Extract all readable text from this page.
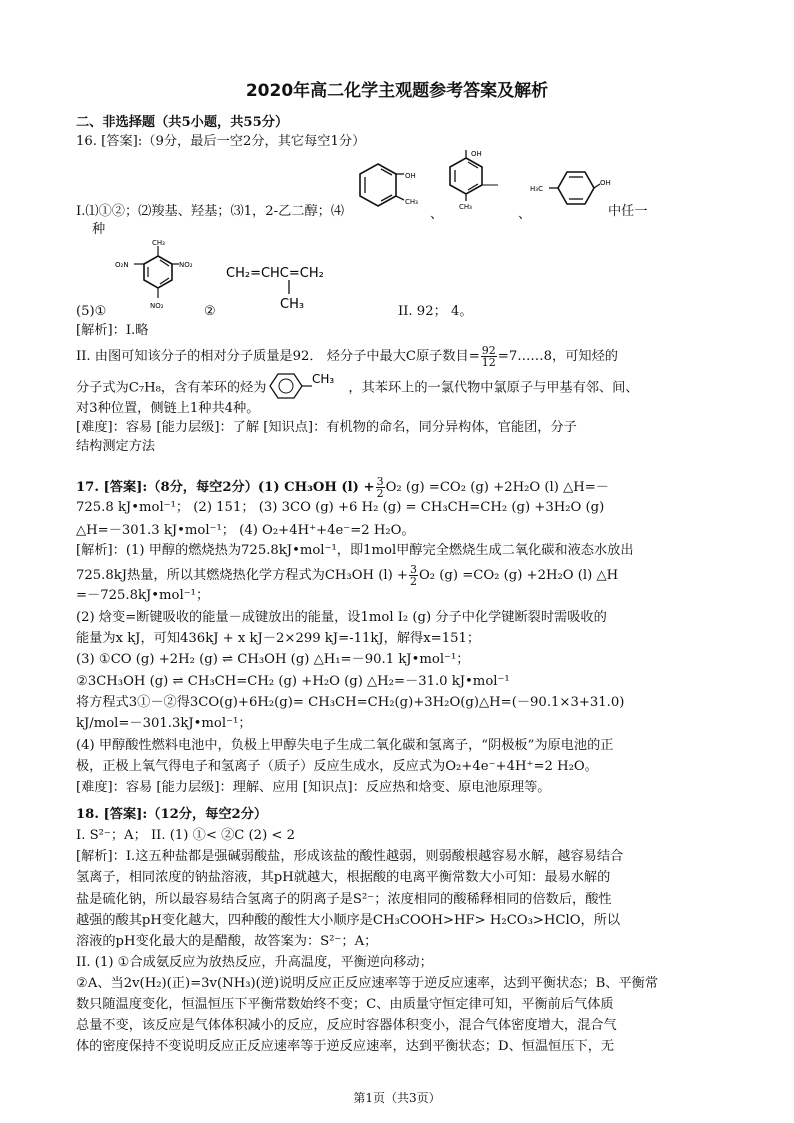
2020年高二化学主观题参考答案及解析
二、非选择题（共5小题，共55分）
16. [答案]:（9分，最后一空2分，其它每空1分）
I.⑴①②；⑵羧基、羟基；⑶1，2-乙二醇；⑷
OH
CH₃
、
OH
CH₃	、
H₃C
OH
中任一
种
CH₃
O₂N	NO₂
NO₂
CH₂=CHC=CH₂
CH₃
(5)①	②	II. 92； 4。
[解析]：I.略
II. 由图可知该分子的相对分子质量是92． 烃分子中最大C原子数目= $\frac{92}{12}$ =7……8，可知烃的
分子式为C₇H₈，含有苯环的烃为
CH₃
，其苯环上的一氯代物中氯原子与甲基有邻、间、
对3种位置，侧链上1种共4种。
[难度]：容易 [能力层级]：了解 [知识点]：有机物的命名，同分异构体，官能团，分子
结构测定方法
17. [答案]:（8分，每空2分）(1) CH₃OH $(l) + \frac{3}{2} O_2$ (g) =CO₂ (g) +2H₂O (l) △H=－
725.8 kJ•mol⁻¹； (2) 151； (3) 3CO (g) +6 H₂ (g) = CH₃CH=CH₂ (g) +3H₂O (g)
△H=－301.3 kJ•mol⁻¹； (4) O₂+4H⁺+4e⁻=2 H₂O。
[解析]：(1) 甲醇的燃烧热为725.8kJ•mol⁻¹，即1mol甲醇完全燃烧生成二氧化碳和液态水放出
725.8kJ热量，所以其燃烧热化学方程式为CH₃OH $(l) + \frac{3}{2} O_2$ (g) =CO₂ (g) +2H₂O (l) △H
=－725.8kJ•mol⁻¹；
(2) 焓变=断键吸收的能量－成键放出的能量，设1mol I₂ (g) 分子中化学键断裂时需吸收的
能量为x kJ，可知436kJ + x kJ－2×299 kJ=-11kJ，解得x=151；
(3) ①CO (g) +2H₂ (g) ⇌ CH₃OH (g) △H₁=－90.1 kJ•mol⁻¹；
②3CH₃OH (g) ⇌ CH₃CH=CH₂ (g) +H₂O (g) △H₂=－31.0 kJ•mol⁻¹
将方程式3①－②得3CO(g)+6H₂(g)= CH₃CH=CH₂(g)+3H₂O(g)△H=(－90.1×3+31.0)
kJ/mol=－301.3kJ•mol⁻¹；
(4) 甲醇酸性燃料电池中，负极上甲醇失电子生成二氧化碳和氢离子，“阴极板”为原电池的正
极，正极上氧气得电子和氢离子（质子）反应生成水，反应式为O₂+4e⁻+4H⁺=2 H₂O。
[难度]：容易 [能力层级]：理解、应用 [知识点]：反应热和焓变、原电池原理等。
18. [答案]:（12分，每空2分）
I. S²⁻；A； II. (1) ①< ②C (2) < 2
[解析]：I.这五种盐都是强碱弱酸盐，形成该盐的酸性越弱，则弱酸根越容易水解，越容易结合
氢离子，相同浓度的钠盐溶液，其pH就越大，根据酸的电离平衡常数大小可知：最易水解的
盐是硫化钠，所以最容易结合氢离子的阴离子是S²⁻；浓度相同的酸稀释相同的倍数后，酸性
越强的酸其pH变化越大，四种酸的酸性大小顺序是CH₃COOH>HF> H₂CO₃>HClO，所以
溶液的pH变化最大的是醋酸，故答案为：S²⁻；A；
II. (1) ①合成氨反应为放热反应，升高温度，平衡逆向移动；
②A、当2v(H₂)(正)=3v(NH₃)(逆)说明反应正反应速率等于逆反应速率，达到平衡状态；B、平衡常
数只随温度变化，恒温恒压下平衡常数始终不变；C、由质量守恒定律可知，平衡前后气体质
总量不变，该反应是气体体积减小的反应，反应时容器体积变小，混合气体密度增大，混合气
体的密度保持不变说明反应正反应速率等于逆反应速率，达到平衡状态；D、恒温恒压下，无
第1页（共3页）
